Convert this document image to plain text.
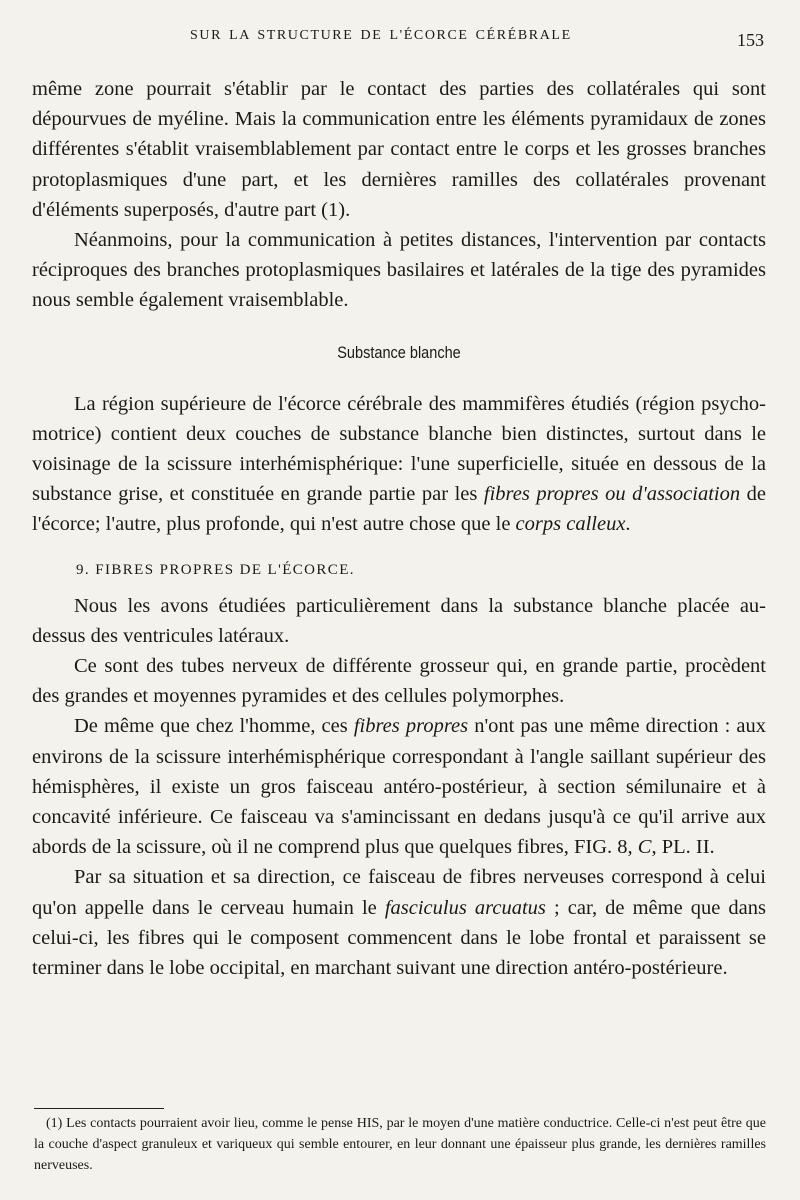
SUR LA STRUCTURE DE L'ÉCORCE CÉRÉBRALE	153

même zone pourrait s'établir par le contact des parties des collatérales qui sont dépourvues de myéline. Mais la communication entre les éléments pyramidaux de zones différentes s'établit vraisemblablement par contact entre le corps et les grosses branches protoplasmiques d'une part, et les dernières ramilles des collatérales provenant d'éléments superposés, d'autre part (1).

Néanmoins, pour la communication à petites distances, l'intervention par contacts réciproques des branches protoplasmiques basilaires et latérales de la tige des pyramides nous semble également vraisemblable.

Substance blanche

La région supérieure de l'écorce cérébrale des mammifères étudiés (région psycho-motrice) contient deux couches de substance blanche bien distinctes, surtout dans le voisinage de la scissure interhémisphérique: l'une superficielle, située en dessous de la substance grise, et constituée en grande partie par les fibres propres ou d'association de l'écorce; l'autre, plus profonde, qui n'est autre chose que le corps calleux.

9. FIBRES PROPRES DE L'ÉCORCE.

Nous les avons étudiées particulièrement dans la substance blanche placée au-dessus des ventricules latéraux.

Ce sont des tubes nerveux de différente grosseur qui, en grande partie, procèdent des grandes et moyennes pyramides et des cellules polymorphes.

De même que chez l'homme, ces fibres propres n'ont pas une même direction : aux environs de la scissure interhémisphérique correspondant à l'angle saillant supérieur des hémisphères, il existe un gros faisceau antéro-postérieur, à section sémilunaire et à concavité inférieure. Ce faisceau va s'amincissant en dedans jusqu'à ce qu'il arrive aux abords de la scissure, où il ne comprend plus que quelques fibres, FIG. 8, C, PL. II.

Par sa situation et sa direction, ce faisceau de fibres nerveuses correspond à celui qu'on appelle dans le cerveau humain le fasciculus arcuatus ; car, de même que dans celui-ci, les fibres qui le composent commencent dans le lobe frontal et paraissent se terminer dans le lobe occipital, en marchant suivant une direction antéro-postérieure.

(1) Les contacts pourraient avoir lieu, comme le pense HIS, par le moyen d'une matière conductrice. Celle-ci n'est peut être que la couche d'aspect granuleux et variqueux qui semble entourer, en leur donnant une épaisseur plus grande, les dernières ramilles nerveuses.
